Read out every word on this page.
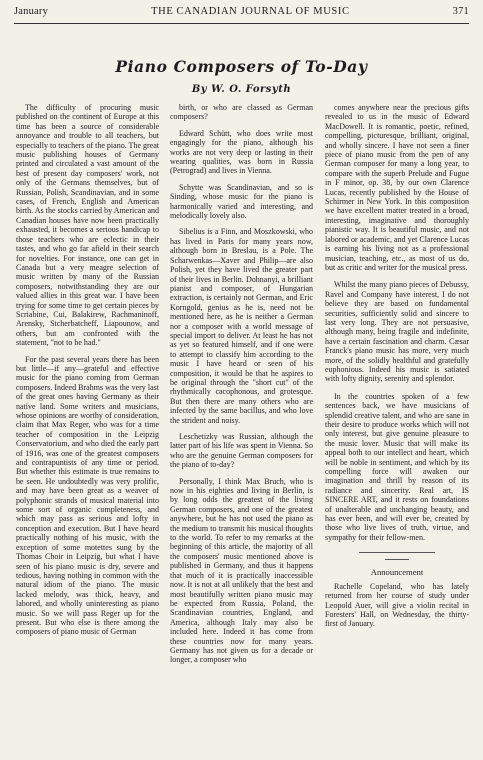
January	THE CANADIAN JOURNAL OF MUSIC	371
Piano Composers of To-Day
By W. O. Forsyth

The difficulty of procuring music published on the continent of Europe at this time has been a source of considerable annoyance and trouble to all teachers, but especially to teachers of the piano. The great music publishing houses of Germany printed and circulated a vast amount of the best of present day composers' work, not only of the Germans themselves, but of Russian, Polish, Scandinavian, and in some cases, of French, English and American birth. As the stocks carried by American and Canadian houses have now been practically exhausted, it becomes a serious handicap to those teachers who are eclectic in their tastes, and who go far afield in their search for novelties. For instance, one can get in Canada but a very meagre selection of music written by many of the Russian composers, notwithstanding they are our valued allies in this great war. I have been trying for some time to get certain pieces by Scriabine, Cui, Balakirew, Rachmaninoff, Arensky, Stcherbatcheff, Liapounow, and others, but am confronted with the statement, "not to be had."

For the past several years there has been but little—if any—grateful and effective music for the piano coming from German composers. Indeed Brahms was the very last of the great ones having Germany as their native land. Some writers and musicians, whose opinions are worthy of consideration, claim that Max Reger, who was for a time teacher of composition in the Leipzig Conservatorium, and who died the early part of 1916, was one of the greatest composers and contrapuntists of any time or period. But whether this estimate is true remains to be seen. He undoubtedly was very prolific, and may have been great as a weaver of polyphonic strands of musical material into some sort of organic completeness, and which may pass as serious and lofty in conception and execution. But I have heard practically nothing of his music, with the exception of some motettes sung by the Thomas Choir in Leipzig, but what I have seen of his piano music is dry, severe and tedious, having nothing in common with the natural idiom of the piano. The music lacked melody, was thick, heavy, and labored, and wholly uninteresting as piano music. So we will pass Reger up for the present. But who else is there among the composers of piano music of German

birth, or who are classed as German composers?

Edward Schütt, who does write most engagingly for the piano, although his works are not very deep or lasting in their wearing qualities, was born in Russia (Petrograd) and lives in Vienna.

Schytte was Scandinavian, and so is Sinding, whose music for the piano is harmonically varied and interesting, and melodically lovely also.

Sibelius is a Finn, and Moszkowski, who has lived in Paris for many years now, although born in Breslau, is a Pole. The Scharwenkas—Xaver and Philip—are also Polish, yet they have lived the greater part of their lives in Berlin. Dohnanyi, a brilliant pianist and composer, of Hungarian extraction, is certainly not German, and Eric Korngold, genius as he is, need not be mentioned here, as he is neither a German nor a composer with a world message of special import to deliver. At least he has not as yet so featured himself, and if one were to attempt to classify him according to the music I have heard or seen of his composition, it would be that he aspires to be original through the "short cut" of the rhythmically cacophonous, and grotesque. But then there are many others who are infected by the same bacillus, and who love the strident and noisy.

Leschetizky was Russian, although the latter part of his life was spent in Vienna. So who are the genuine German composers for the piano of to-day?

Personally, I think Max Bruch, who is now in his eighties and living in Berlin, is by long odds the greatest of the living German composers, and one of the greatest anywhere, but he has not used the piano as the medium to transmit his musical thoughts to the world. To refer to my remarks at the beginning of this article, the majority of all the composers' music mentioned above is published in Germany, and thus it happens that much of it is practically inaccessible now. It is not at all unlikely that the best and most beautifully written piano music may be expected from Russia, Poland, the Scandinavian countries, England, and America, although Italy may also be included here. Indeed it has come from these countries now for many years. Germany has not given us for a decade or longer, a composer who

comes anywhere near the precious gifts revealed to us in the music of Edward MacDowell. It is romantic, poetic, refined, compelling, picturesque, brilliant, original, and wholly sincere. I have not seen a finer piece of piano music from the pen of any German composer for many a long year, to compare with the superb Prelude and Fugue in F minor, op. 38, by our own Clarence Lucas, recently published by the House of Schirmer in New York. In this composition we have excellent matter treated in a broad, interesting, imaginative and thoroughly pianistic way. It is beautiful music, and not labored or academic, and yet Clarence Lucas is earning his living not as a professional musician, teaching, etc., as most of us do, but as critic and writer for the musical press.

Whilst the many piano pieces of Debussy, Ravel and Company have interest, I do not believe they are based on fundamental securities, sufficiently solid and sincere to last very long. They are not persuasive, although many, being fragile and indefinite, have a certain fascination and charm. Cæsar Franck's piano music has more, very much more, of the solidly healthful and gratefully euphonious. Indeed his music is satiated with lofty dignity, serenity and splendor.

In the countries spoken of a few sentences back, we have musicians of splendid creative talent, and who are sane in their desire to produce works which will not only interest, but give genuine pleasure to the music lover. Music that will make its appeal both to our intellect and heart, which will be noble in sentiment, and which by its compelling force will awaken our imagination and thrill by reason of its radiance and sincerity. Real art, IS SINCERE ART, and it rests on foundations of unalterable and unchanging beauty, and has ever been, and will ever be, created by those who live lives of truth, virtue, and sympathy for their fellow-men.

Announcement

Rachelle Copeland, who has lately returned from her course of study under Leopold Auer, will give a violin recital in Foresters' Hall, on Wednesday, the thirty-first of January.
